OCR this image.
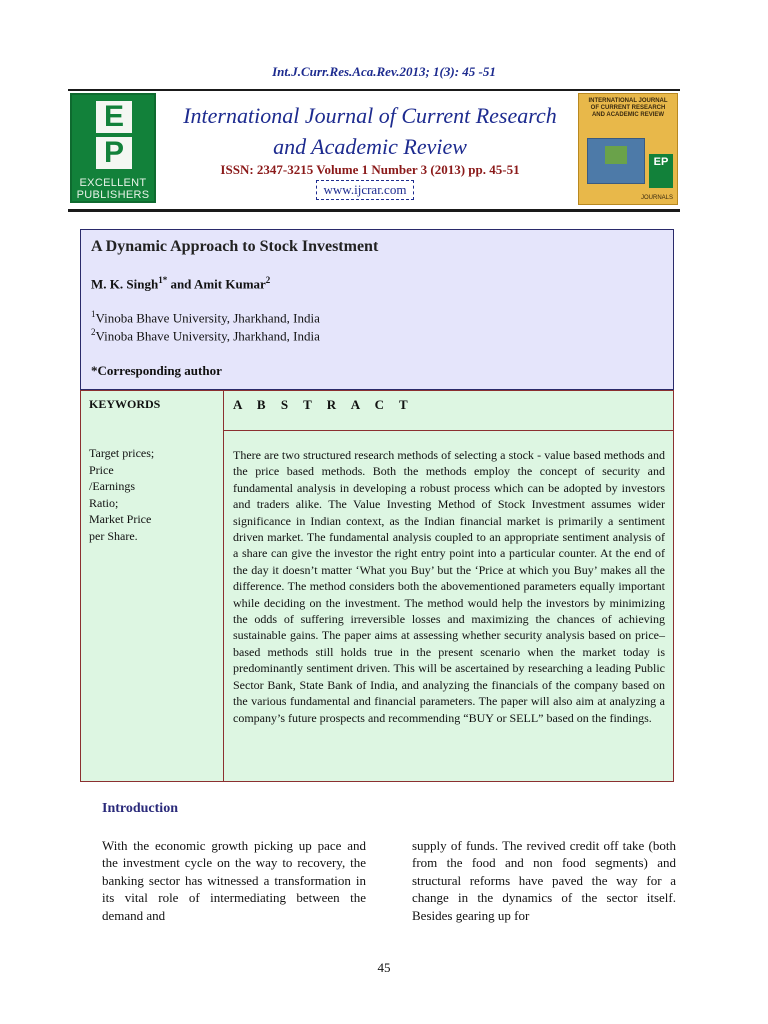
Int.J.Curr.Res.Aca.Rev.2013; 1(3): 45 -51
E
P
EXCELLENT
PUBLISHERS
International Journal of Current Research
and Academic Review
ISSN: 2347-3215 Volume 1 Number 3 (2013) pp. 45-51
www.ijcrar.com
INTERNATIONAL JOURNAL OF CURRENT RESEARCH AND ACADEMIC REVIEW
EP
JOURNALS
A Dynamic Approach to Stock Investment
M. K. Singh$^{1*}$ and Amit Kumar$^2$
$^1$Vinoba Bhave University, Jharkhand, India
$^2$Vinoba Bhave University, Jharkhand, India
*Corresponding author
KEYWORDS	A B S T R A C T
Target prices;
Price
/Earnings
Ratio;
Market Price
per Share.
There are two structured research methods of selecting a stock - value based methods and the price based methods. Both the methods employ the concept of security and fundamental analysis in developing a robust process which can be adopted by investors and traders alike. The Value Investing Method of Stock Investment assumes wider significance in Indian context, as the Indian financial market is primarily a sentiment driven market. The fundamental analysis coupled to an appropriate sentiment analysis of a share can give the investor the right entry point into a particular counter. At the end of the day it doesn’t matter ‘What you Buy’ but the ‘Price at which you Buy’ makes all the difference. The method considers both the abovementioned parameters equally important while deciding on the investment. The method would help the investors by minimizing the odds of suffering irreversible losses and maximizing the chances of achieving sustainable gains. The paper aims at assessing whether security analysis based on price–based methods still holds true in the present scenario when the market today is predominantly sentiment driven. This will be ascertained by researching a leading Public Sector Bank, State Bank of India, and analyzing the financials of the company based on the various fundamental and financial parameters. The paper will also aim at analyzing a company’s future prospects and recommending “BUY or SELL” based on the findings.
Introduction
With the economic growth picking up pace and the investment cycle on the way to recovery, the banking sector has witnessed a transformation in its vital role of intermediating between the demand and
supply of funds. The revived credit off take (both from the food and non food segments) and structural reforms have paved the way for a change in the dynamics of the sector itself. Besides gearing up for
45
